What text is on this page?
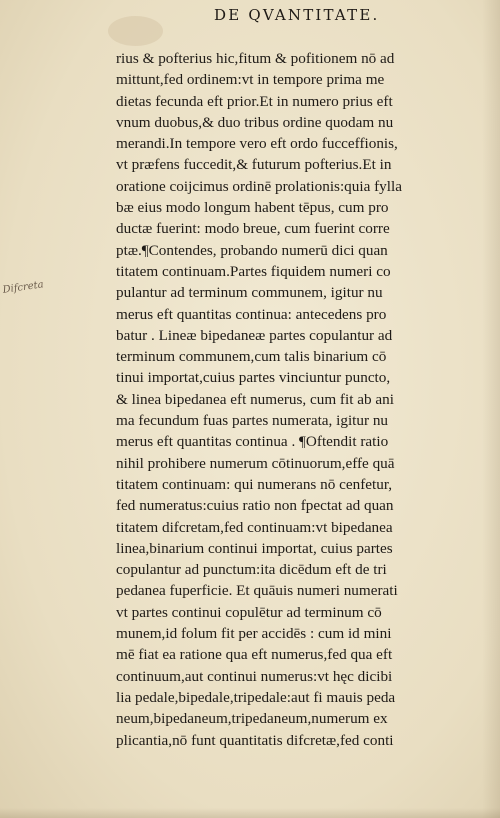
DE QVANTITATE.
Difcreta
rius & pofterius hic,fitum & pofitionem nō ad
mittunt,fed ordinem:vt in tempore prima me
dietas fecunda eft prior.Et in numero prius eft
vnum duobus,& duo tribus ordine quodam nu
merandi.In tempore vero eft ordo fucceffionis,
vt præfens fuccedit,& futurum pofterius.Et in
oratione coijcimus ordinē prolationis:quia fylla
bæ eius modo longum habent tēpus, cum pro
ductæ fuerint: modo breue, cum fuerint corre
ptæ.¶Contendes, probando numerū dici quan
titatem continuam.Partes fiquidem numeri co
pulantur ad terminum communem, igitur nu
merus eft quantitas continua: antecedens pro
batur . Lineæ bipedaneæ partes copulantur ad
terminum communem,cum talis binarium cō
tinui importat,cuius partes vinciuntur puncto,
& linea bipedanea eft numerus, cum fit ab ani
ma fecundum fuas partes numerata, igitur nu
merus eft quantitas continua . ¶Oftendit ratio
nihil prohibere numerum cōtinuorum,effe quā
titatem continuam: qui numerans nō cenfetur,
fed numeratus:cuius ratio non fpectat ad quan
titatem difcretam,fed continuam:vt bipedanea
linea,binarium continui importat, cuius partes
copulantur ad punctum:ita dicēdum eft de tri
pedanea fuperficie. Et quāuis numeri numerati
vt partes continui copulētur ad terminum cō
munem,id folum fit per accidēs : cum id mini
mē fiat ea ratione qua eft numerus,fed qua eft
continuum,aut continui numerus:vt hęc dicibi
lia pedale,bipedale,tripedale:aut fi mauis peda
neum,bipedaneum,tripedaneum,numerum ex
plicantia,nō funt quantitatis difcretæ,fed conti
